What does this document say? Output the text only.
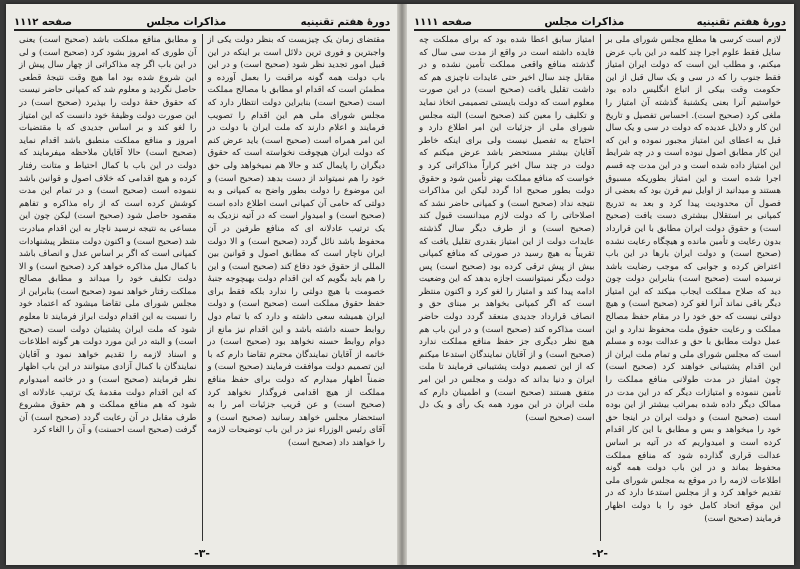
دورهٔ هفتم تقنینیه
مذاکرات مجلس
صفحه ۱۱۱۱

لازم است کرسی ها مطلع مجلس شورای ملی بر سایل فقط علوم اجرا چند کلمه در این باب عرض میکنم، و مطلب این است که دولت ایران امتیاز فقط جنوب را که در سی و یک سال قبل از این حکومت وقت بیکی از اتباع انگلیس داده بود خواستیم آنرا بعنی یکشنبهٔ گذشته آن امتیاز را ملغی کرد (صحیح است). احساس تفصیل و تاریخ این کار و دلایل عدیده که دولت در سی و یک سال قبل به اعطای این امتیاز مجبور نموده و این که این کار مطابق اصول نبوده است و در چه شرایط این امتیاز داده شده است و در این مدت چه قسم اجرا شده است و این امتیاز بطوریکه مسبوق هستند و میدانید از اوایل نیم قرن بود که بعضی از فصول آن محدودیت پیدا کرد و بعد به تدریج کمپانی بر استقلال بیشتری دست یافت (صحیح است) و حقوق دولت ایران مطابق با این قرارداد بدون رعایت و تأمین مانده و هیچگاه رعایت نشده (صحیح است) و دولت ایران بارها در این باب اعتراض کرده و جوابی که موجب رضایت باشد نرسیده است (صحیح است) بنابراین دولت چون دید که صلاح مملکت ایجاب میکند که این امتیاز دیگر باقی نماند آنرا لغو کرد (صحیح است) و هیچ دولتی نیست که حق خود را در مقام حفظ مصالح مملکت و رعایت حقوق ملت محفوظ ندارد و این عمل دولت مطابق با حق و عدالت بوده و مسلم است که مجلس شورای ملی و تمام ملت ایران از این اقدام پشتیبانی خواهند کرد (صحیح است) چون امتیاز در مدت طولانی منافع مملکت را تأمین ننموده و امتیازات دیگر که در این مدت در ممالک دیگر داده شده بمراتب بیشتر از این بوده است (صحیح است) و دولت ایران در اینجا حق خود را میخواهد و بس و مطابق با این کار اقدام کرده است و امیدواریم که در آتیه بر اساس عدالت قراری گذارده شود که منافع مملکت محفوظ بماند و در این باب دولت همه گونه اطلاعات لازمه را در موقع به مجلس شورای ملی تقدیم خواهد کرد و از مجلس استدعا دارد که در این موقع اتحاد کامل خود را با دولت اظهار فرمایند (صحیح است)

امتیاز سابق اعطا شده بود که برای مملکت چه فایده داشته است در واقع از مدت سی سال که گذشته منافع واقعی مملکت تأمین نشده و در مقابل چند سال اخیر حتی عایدات ناچیزی هم که داشت تقلیل یافت (صحیح است) در این صورت معلوم است که دولت بایستی تصمیمی اتخاذ نماید و تکلیف را معین کند (صحیح است) البته مجلس شورای ملی از جزئیات این امر اطلاع دارد و احتیاج به تفصیل نیست ولی برای اینکه خاطر آقایان بیشتر مستحضر باشد عرض میکنم که دولت در چند سال اخیر کراراً مذاکراتی کرد و خواست که منافع مملکت بهتر تأمین شود و حقوق دولت بطور صحیح ادا گردد لیکن این مذاکرات نتیجه نداد (صحیح است) و کمپانی حاضر نشد که اصلاحاتی را که دولت لازم میدانست قبول کند (صحیح است) و از طرف دیگر سال گذشته عایدات دولت از این امتیاز بقدری تقلیل یافت که تقریباً به هیچ رسید در صورتی که منافع کمپانی بیش از پیش ترقی کرده بود (صحیح است) پس دولت دیگر نمیتوانست اجازه بدهد که این وضعیت ادامه پیدا کند و امتیاز را لغو کرد و اکنون منتظر است که اگر کمپانی بخواهد بر مبنای حق و انصاف قرارداد جدیدی منعقد گردد دولت حاضر است مذاکره کند (صحیح است) و در این باب هم هیچ نظر دیگری جز حفظ منافع مملکت ندارد (صحیح است) و از آقایان نمایندگان استدعا میکنم که از این تصمیم دولت پشتیبانی فرمایند تا ملت ایران و دنیا بداند که دولت و مجلس در این امر متفق هستند (صحیح است) و اطمینان دارم که ملت ایران در این مورد همه یک رأی و یک دل است (صحیح است)

-۲-
دورهٔ هفتم تقنینیه
مذاکرات مجلس
صفحه ۱۱۱۲

مقتضای زمان یک چیزیست که بنظر دولت یکی از واجبترین و فوری ترین دلائل است بر اینکه در این قبیل امور تجدید نظر شود (صحیح است) و در این باب دولت همه گونه مراقبت را بعمل آورده و مطمئن است که اقدام او مطابق با مصالح مملکت است (صحیح است) بنابراین دولت انتظار دارد که مجلس شورای ملی هم این اقدام را تصویب فرمایند و اعلام دارند که ملت ایران با دولت در این امر همراه است (صحیح است) باید عرض کنم که دولت ایران هیچوقت نخواسته است که حقوق دیگران را پایمال کند و حالا هم نمیخواهد ولی حق خود را هم نمیتواند از دست بدهد (صحیح است) و این موضوع را دولت بطور واضح به کمپانی و به دولتی که حامی آن کمپانی است اطلاع داده است (صحیح است) و امیدوار است که در آتیه نزدیک به یک ترتیب عادلانه ای که منافع طرفین در آن محفوظ باشد نائل گردد (صحیح است) و الا دولت ایران ناچار است که مطابق اصول و قوانین بین المللی از حقوق خود دفاع کند (صحیح است) و این را هم باید بگویم که این اقدام دولت بهیچوجه جنبهٔ خصومت با هیچ دولتی را ندارد بلکه فقط برای حفظ حقوق مملکت است (صحیح است) و دولت ایران همیشه سعی داشته و دارد که با تمام دول روابط حسنه داشته باشد و این اقدام نیز مانع از دوام روابط حسنه نخواهد بود (صحیح است) در خاتمه از آقایان نمایندگان محترم تقاضا دارم که با این تصمیم دولت موافقت فرمایند (صحیح است) و ضمناً اظهار میدارم که دولت برای حفظ منافع مملکت از هیچ اقدامی فروگذار نخواهد کرد (صحیح است) و عن قریب جزئیات امر را به استحضار مجلس خواهد رسانید (صحیح است) و آقای رئیس الوزراء نیز در این باب توضیحات لازمه را خواهند داد (صحیح است)

و مطابق منافع مملکت باشد (صحیح است) یعنی آن طوری که امروز بشود کرد (صحیح است) و لی در این باب اگر چه مذاکراتی از چهار سال پیش از این شروع شده بود اما هیچ وقت نتیجهٔ قطعی حاصل نگردید و معلوم شد که کمپانی حاضر نیست که حقوق حقهٔ دولت را بپذیرد (صحیح است) در این صورت دولت وظیفهٔ خود دانست که این امتیاز را لغو کند و بر اساس جدیدی که با مقتضیات امروز و منافع مملکت منطبق باشد اقدام نماید (صحیح است) حالا آقایان ملاحظه میفرمایند که دولت در این باب با کمال احتیاط و متانت رفتار کرده و هیچ اقدامی که خلاف اصول و قوانین باشد ننموده است (صحیح است) و در تمام این مدت کوشش کرده است که از راه مذاکره و تفاهم مقصود حاصل شود (صحیح است) لیکن چون این مساعی به نتیجه نرسید ناچار به این اقدام مبادرت شد (صحیح است) و اکنون دولت منتظر پیشنهادات کمپانی است که اگر بر اساس عدل و انصاف باشد با کمال میل مذاکره خواهد کرد (صحیح است) و الا دولت تکلیف خود را میداند و مطابق مصالح مملکت رفتار خواهد نمود (صحیح است) بنابراین از مجلس شورای ملی تقاضا میشود که اعتماد خود را نسبت به این اقدام دولت ابراز فرمایند تا معلوم شود که ملت ایران پشتیبان دولت است (صحیح است) و البته در این مورد دولت هر گونه اطلاعات و اسناد لازمه را تقدیم خواهد نمود و آقایان نمایندگان با کمال آزادی میتوانند در این باب اظهار نظر فرمایند (صحیح است) و در خاتمه امیدوارم که این اقدام دولت مقدمهٔ یک ترتیب عادلانه ای شود که هم منافع مملکت و هم حقوق مشروع طرف مقابل در آن رعایت گردد (صحیح است) آن گرفت (صحیح است احسنت) و آن را الغاء کرد

-۳-
